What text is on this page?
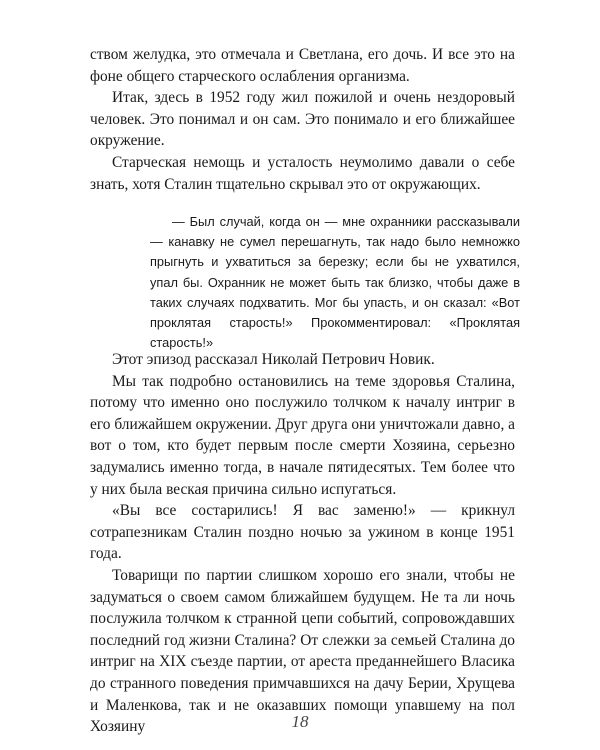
ством желудка, это отмечала и Светлана, его дочь. И все это на фоне общего старческого ослабления организма.

Итак, здесь в 1952 году жил пожилой и очень нездоровый человек. Это понимал и он сам. Это понимало и его ближайшее окружение.

Старческая немощь и усталость неумолимо давали о себе знать, хотя Сталин тщательно скрывал это от окружающих.

— Был случай, когда он — мне охранники рассказывали — канавку не сумел перешагнуть, так надо было немножко прыгнуть и ухватиться за березку; если бы не ухватился, упал бы. Охранник не может быть так близко, чтобы даже в таких случаях подхватить. Мог бы упасть, и он сказал: «Вот проклятая старость!» Прокомментировал: «Проклятая старость!»

Этот эпизод рассказал Николай Петрович Новик.

Мы так подробно остановились на теме здоровья Сталина, потому что именно оно послужило толчком к началу интриг в его ближайшем окружении. Друг друга они уничтожали давно, а вот о том, кто будет первым после смерти Хозяина, серьезно задумались именно тогда, в начале пятидесятых. Тем более что у них была веская причина сильно испугаться.

«Вы все состарились! Я вас заменю!» — крикнул сотрапезникам Сталин поздно ночью за ужином в конце 1951 года.

Товарищи по партии слишком хорошо его знали, чтобы не задуматься о своем самом ближайшем будущем. Не та ли ночь послужила толчком к странной цепи событий, сопровождавших последний год жизни Сталина? От слежки за семьей Сталина до интриг на XIX съезде партии, от ареста преданнейшего Власика до странного поведения примчавшихся на дачу Берии, Хрущева и Маленкова, так и не оказавших помощи упавшему на пол Хозяину	18
